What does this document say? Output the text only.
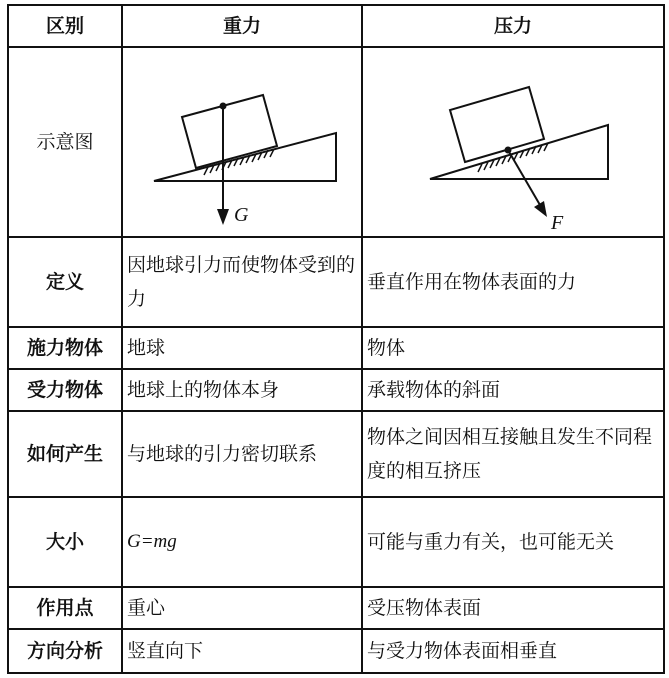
区别	重力	压力
示意图	G	F

定义	因地球引力而使物体受到的力	垂直作用在物体表面的力
施力物体	地球	物体
受力物体	地球上的物体本身	承载物体的斜面
如何产生	与地球的引力密切联系	物体之间因相互接触且发生不同程度的相互挤压
大小	G=mg	可能与重力有关，也可能无关
作用点	重心	受压物体表面
方向分析	竖直向下	与受力物体表面相垂直
